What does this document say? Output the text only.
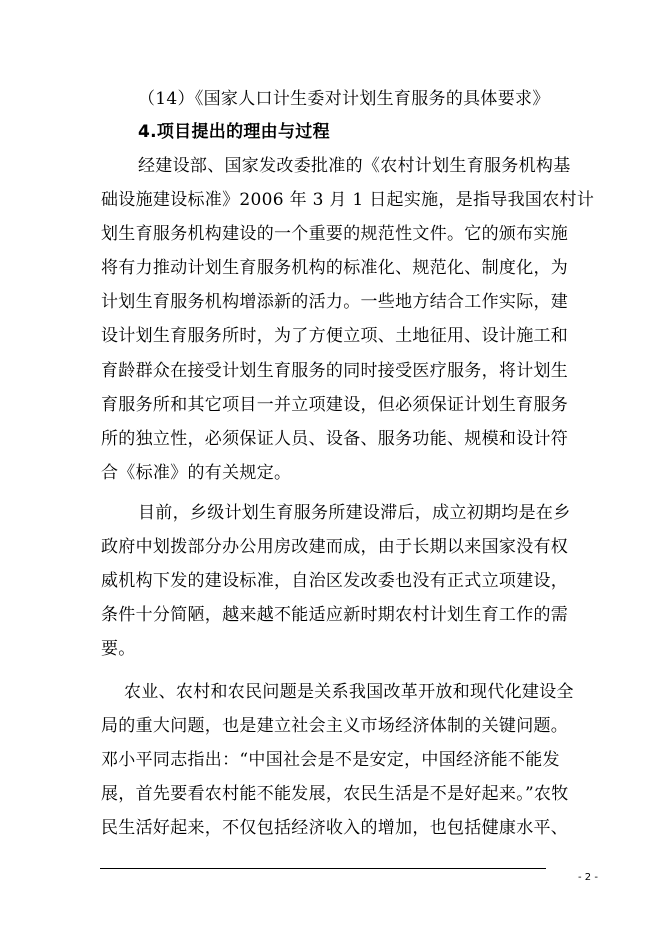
（14）《国家人口计生委对计划生育服务的具体要求》
4.项目提出的理由与过程
经建设部、国家发改委批准的《农村计划生育服务机构基
础设施建设标准》2006 年 3 月 1 日起实施，是指导我国农村计
划生育服务机构建设的一个重要的规范性文件。它的颁布实施
将有力推动计划生育服务机构的标准化、规范化、制度化，为
计划生育服务机构增添新的活力。一些地方结合工作实际，建
设计划生育服务所时，为了方便立项、土地征用、设计施工和
育龄群众在接受计划生育服务的同时接受医疗服务，将计划生
育服务所和其它项目一并立项建设，但必须保证计划生育服务
所的独立性，必须保证人员、设备、服务功能、规模和设计符
合《标准》的有关规定。
目前，乡级计划生育服务所建设滞后，成立初期均是在乡
政府中划拨部分办公用房改建而成，由于长期以来国家没有权
威机构下发的建设标准，自治区发改委也没有正式立项建设，
条件十分简陋，越来越不能适应新时期农村计划生育工作的需
要。
农业、农村和农民问题是关系我国改革开放和现代化建设全
局的重大问题，也是建立社会主义市场经济体制的关键问题。
邓小平同志指出：“中国社会是不是安定，中国经济能不能发
展，首先要看农村能不能发展，农民生活是不是好起来。”农牧
民生活好起来，不仅包括经济收入的增加，也包括健康水平、
- 2 -
